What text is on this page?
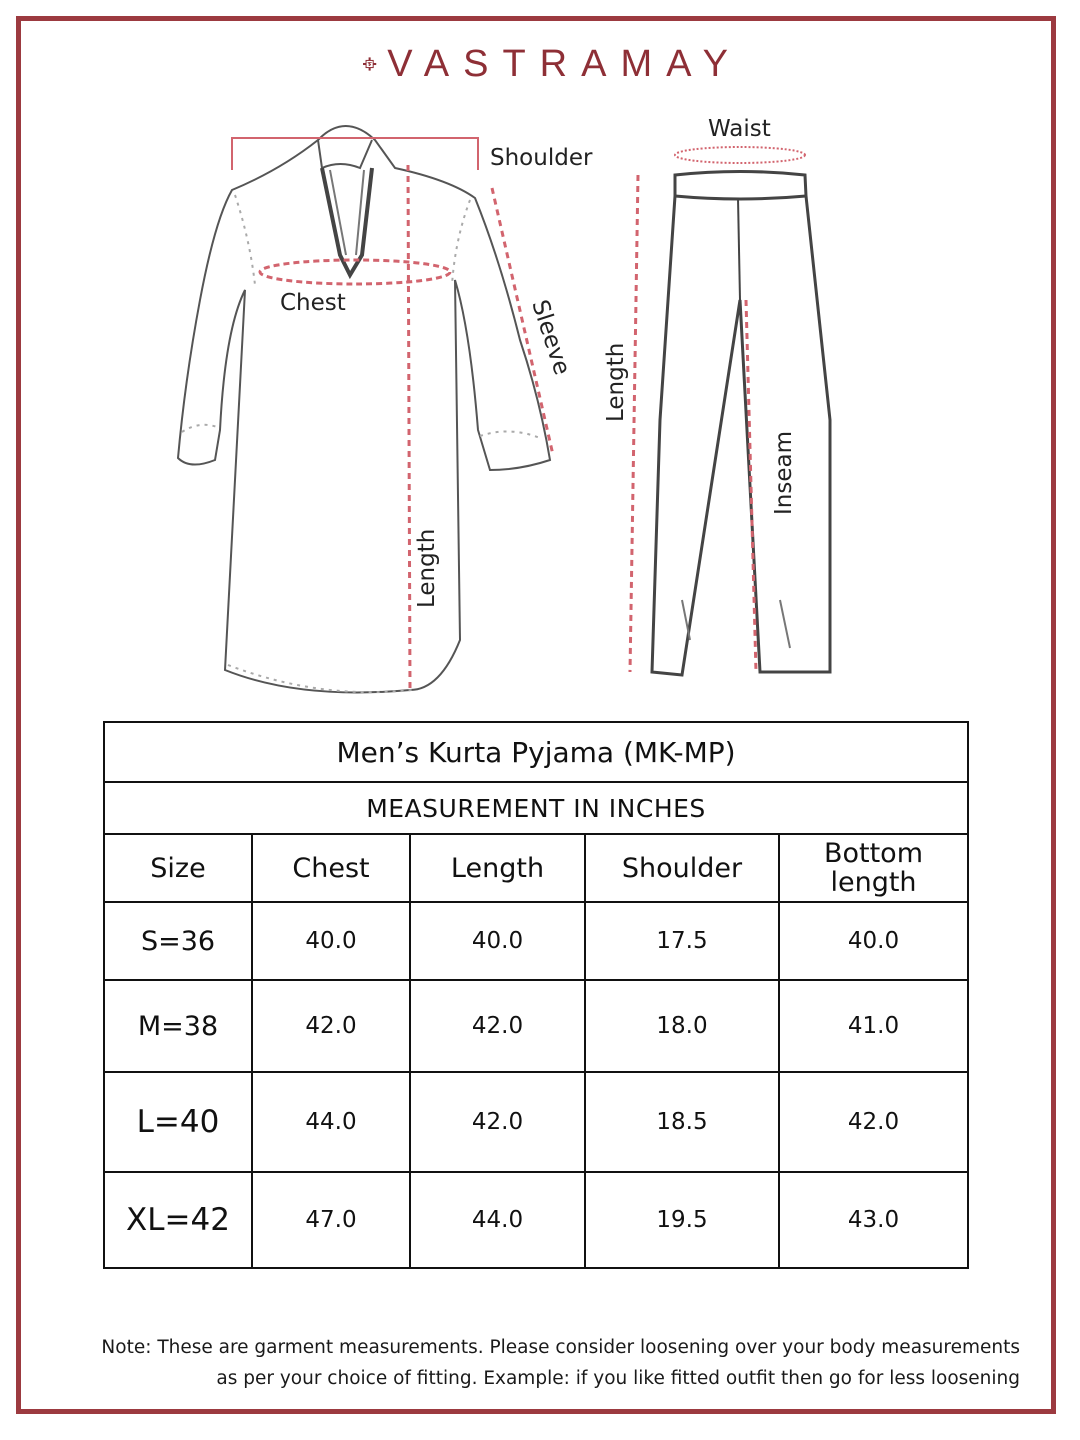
VASTRAMAY
Shoulder
Chest	Sleeve
Length
Waist
Length
Inseam
Men’s Kurta Pyjama (MK-MP)				
MEASUREMENT IN INCHES				
Size	Chest	Length	Shoulder	Bottom length
S=36	40.0	40.0	17.5	40.0
M=38	42.0	42.0	18.0	41.0
L=40	44.0	42.0	18.5	42.0
XL=42	47.0	44.0	19.5	43.0
Note: These are garment measurements. Please consider loosening over your body measurements
as per your choice of fitting. Example: if you like fitted outfit then go for less loosening
